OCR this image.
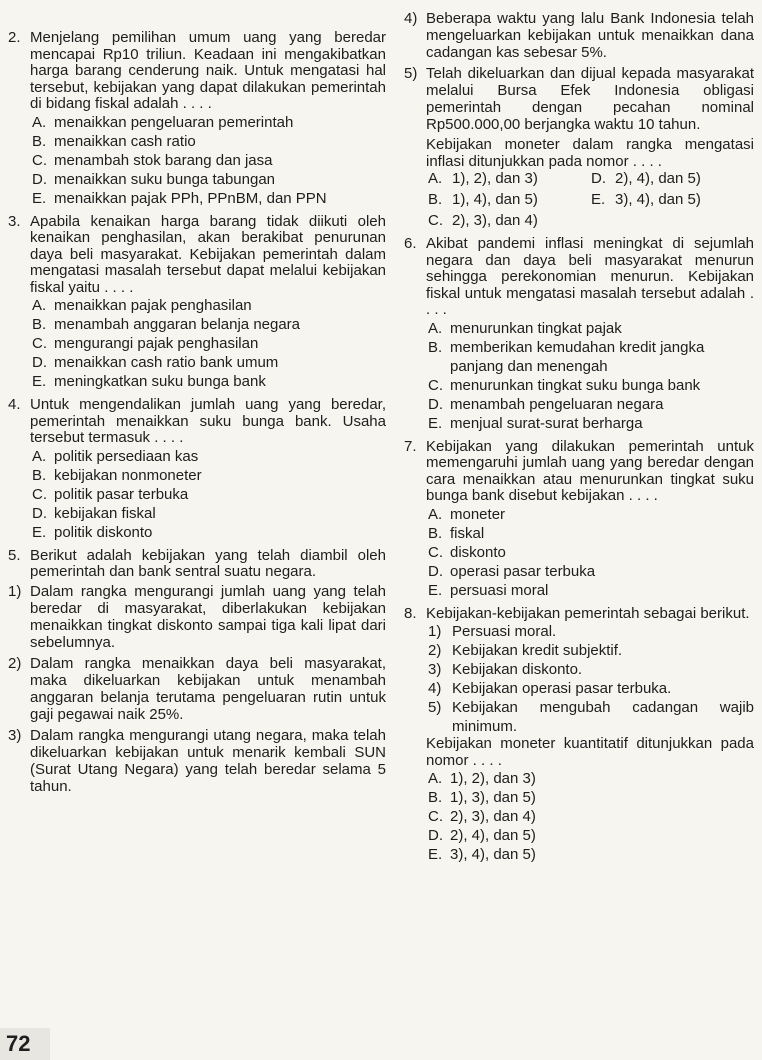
2. Menjelang pemilihan umum uang yang beredar mencapai Rp10 triliun. Keadaan ini mengakibatkan harga barang cenderung naik. Untuk mengatasi hal tersebut, kebijakan yang dapat dilakukan pemerintah di bidang fiskal adalah . . . .
A. menaikkan pengeluaran pemerintah
B. menaikkan cash ratio
C. menambah stok barang dan jasa
D. menaikkan suku bunga tabungan
E. menaikkan pajak PPh, PPnBM, dan PPN
3. Apabila kenaikan harga barang tidak diikuti oleh kenaikan penghasilan, akan berakibat penurunan daya beli masyarakat. Kebijakan pemerintah dalam mengatasi masalah tersebut dapat melalui kebijakan fiskal yaitu . . . .
A. menaikkan pajak penghasilan
B. menambah anggaran belanja negara
C. mengurangi pajak penghasilan
D. menaikkan cash ratio bank umum
E. meningkatkan suku bunga bank
4. Untuk mengendalikan jumlah uang yang beredar, pemerintah menaikkan suku bunga bank. Usaha tersebut termasuk . . . .
A. politik persediaan kas
B. kebijakan nonmoneter
C. politik pasar terbuka
D. kebijakan fiskal
E. politik diskonto
5. Berikut adalah kebijakan yang telah diambil oleh pemerintah dan bank sentral suatu negara.
1) Dalam rangka mengurangi jumlah uang yang telah beredar di masyarakat, diberlakukan kebijakan menaikkan tingkat diskonto sampai tiga kali lipat dari sebelumnya.
2) Dalam rangka menaikkan daya beli masyarakat, maka dikeluarkan kebijakan untuk menambah anggaran belanja terutama pengeluaran rutin untuk gaji pegawai naik 25%.
3) Dalam rangka mengurangi utang negara, maka telah dikeluarkan kebijakan untuk menarik kembali SUN (Surat Utang Negara) yang telah beredar selama 5 tahun.
4) Beberapa waktu yang lalu Bank Indonesia telah mengeluarkan kebijakan untuk menaikkan dana cadangan kas sebesar 5%.
5) Telah dikeluarkan dan dijual kepada masyarakat melalui Bursa Efek Indonesia obligasi pemerintah dengan pecahan nominal Rp500.000,00 berjangka waktu 10 tahun.
Kebijakan moneter dalam rangka mengatasi inflasi ditunjukkan pada nomor . . . .
A. 1), 2), dan 3)	D. 2), 4), dan 5)
B. 1), 4), dan 5)	E. 3), 4), dan 5)
C. 2), 3), dan 4)
6. Akibat pandemi inflasi meningkat di sejumlah negara dan daya beli masyarakat menurun sehingga perekonomian menurun. Kebijakan fiskal untuk mengatasi masalah tersebut adalah . . . .
A. menurunkan tingkat pajak
B. memberikan kemudahan kredit jangka panjang dan menengah
C. menurunkan tingkat suku bunga bank
D. menambah pengeluaran negara
E. menjual surat-surat berharga
7. Kebijakan yang dilakukan pemerintah untuk memengaruhi jumlah uang yang beredar dengan cara menaikkan atau menurunkan tingkat suku bunga bank disebut kebijakan . . . .
A. moneter
B. fiskal
C. diskonto
D. operasi pasar terbuka
E. persuasi moral
8. Kebijakan-kebijakan pemerintah sebagai berikut.
1) Persuasi moral.
2) Kebijakan kredit subjektif.
3) Kebijakan diskonto.
4) Kebijakan operasi pasar terbuka.
5) Kebijakan mengubah cadangan wajib minimum.
Kebijakan moneter kuantitatif ditunjukkan pada nomor . . . .
A. 1), 2), dan 3)
B. 1), 3), dan 5)
C. 2), 3), dan 4)
D. 2), 4), dan 5)
E. 3), 4), dan 5)
72
